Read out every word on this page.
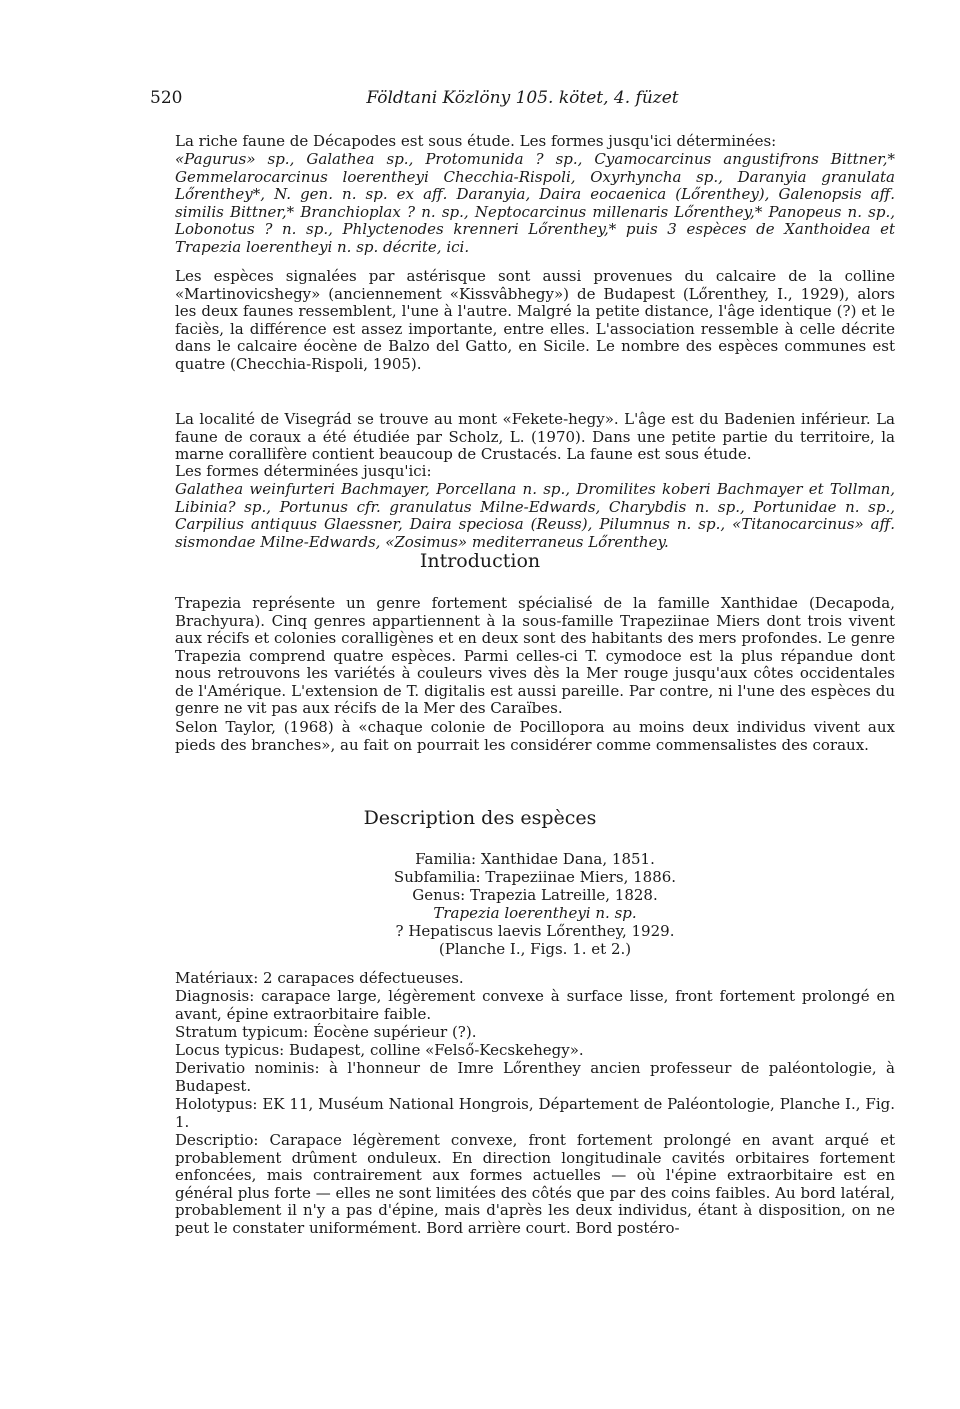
520	Földtani Közlöny 105. kötet, 4. füzet

La riche faune de Décapodes est sous étude. Les formes jusqu'ici déterminées:

«Pagurus» sp., Galathea sp., Protomunida ? sp., Cyamocarcinus angustifrons Bittner,* Gemmelarocarcinus loerentheyi Checchia-Rispoli, Oxyrhyncha sp., Daranyia granulata Lőrenthey*, N. gen. n. sp. ex aff. Daranyia, Daira eocaenica (Lőrenthey), Galenopsis aff. similis Bittner,* Branchioplax ? n. sp., Neptocarcinus millenaris Lőrenthey,* Panopeus n. sp., Lobonotus ? n. sp., Phlyctenodes krenneri Lőrenthey,* puis 3 espèces de Xanthoidea et Trapezia loerentheyi n. sp. décrite, ici.

Les espèces signalées par astérisque sont aussi provenues du calcaire de la colline «Martinovicshegy» (anciennement «Kissvâbhegy») de Budapest (Lőrenthey, I., 1929), alors les deux faunes ressemblent, l'une à l'autre. Malgré la petite distance, l'âge identique (?) et le faciès, la différence est assez importante, entre elles. L'association ressemble à celle décrite dans le calcaire éocène de Balzo del Gatto, en Sicile. Le nombre des espèces communes est quatre (Checchia-Rispoli, 1905).

La localité de Visegrád se trouve au mont «Fekete-hegy». L'âge est du Badenien inférieur. La faune de coraux a été étudiée par Scholz, L. (1970). Dans une petite partie du territoire, la marne corallifère contient beaucoup de Crustacés. La faune est sous étude.

Les formes déterminées jusqu'ici:

Galathea weinfurteri Bachmayer, Porcellana n. sp., Dromilites koberi Bachmayer et Tollman, Libinia? sp., Portunus cfr. granulatus Milne-Edwards, Charybdis n. sp., Portunidae n. sp., Carpilius antiquus Glaessner, Daira speciosa (Reuss), Pilumnus n. sp., «Titanocarcinus» aff. sismondae Milne-Edwards, «Zosimus» mediterraneus Lőrenthey.

Introduction

Trapezia représente un genre fortement spécialisé de la famille Xanthidae (Decapoda, Brachyura). Cinq genres appartiennent à la sous-famille Trapeziinae Miers dont trois vivent aux récifs et colonies coralligènes et en deux sont des habitants des mers profondes. Le genre Trapezia comprend quatre espèces. Parmi celles-ci T. cymodoce est la plus répandue dont nous retrouvons les variétés à couleurs vives dès la Mer rouge jusqu'aux côtes occidentales de l'Amérique. L'extension de T. digitalis est aussi pareille. Par contre, ni l'une des espèces du genre ne vit pas aux récifs de la Mer des Caraïbes.

Selon Taylor, (1968) à «chaque colonie de Pocillopora au moins deux individus vivent aux pieds des branches», au fait on pourrait les considérer comme commensalistes des coraux.

Description des espèces

Familia: Xanthidae Dana, 1851.

Subfamilia: Trapeziinae Miers, 1886.

Genus: Trapezia Latreille, 1828.

Trapezia loerentheyi n. sp.

? Hepatiscus laevis Lőrenthey, 1929.

(Planche I., Figs. 1. et 2.)

Matériaux: 2 carapaces défectueuses.

Diagnosis: carapace large, légèrement convexe à surface lisse, front fortement prolongé en avant, épine extraorbitaire faible.

Stratum typicum: Éocène supérieur (?).

Locus typicus: Budapest, colline «Felső-Kecskehegy».

Derivatio nominis: à l'honneur de Imre Lőrenthey ancien professeur de paléontologie, à Budapest.

Holotypus: EK 11, Muséum National Hongrois, Département de Paléontologie, Planche I., Fig. 1.

Descriptio: Carapace légèrement convexe, front fortement prolongé en avant arqué et probablement drûment onduleux. En direction longitudinale cavités orbitaires fortement enfoncées, mais contrairement aux formes actuelles — où l'épine extraorbitaire est en général plus forte — elles ne sont limitées des côtés que par des coins faibles. Au bord latéral, probablement il n'y a pas d'épine, mais d'après les deux individus, étant à disposition, on ne peut le constater uniformément. Bord arrière court. Bord postéro-
